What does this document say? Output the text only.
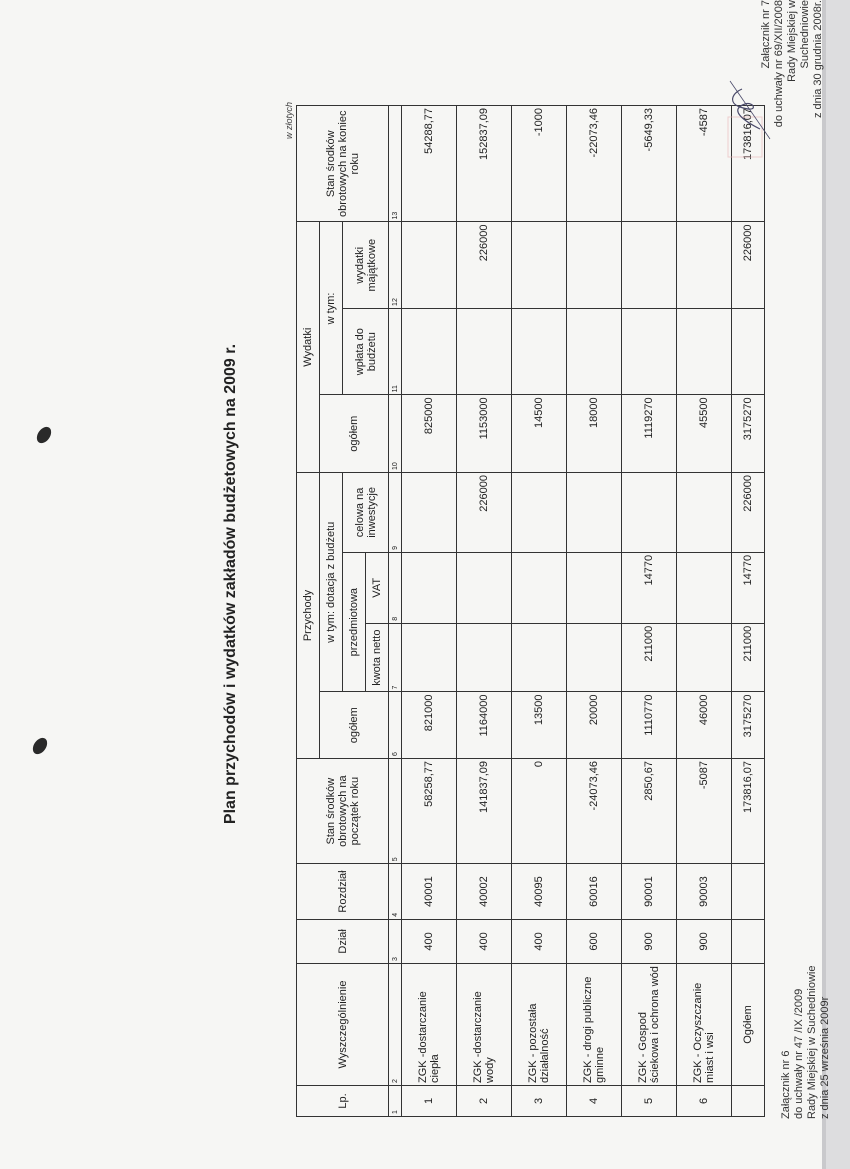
Załącznik nr 6 do uchwały nr 47 /IX /2009 Rady Miejskiej w Suchedniowie z dnia 25 września 2009r
Załącznik nr 7 do uchwały nr 69/XII/2008 Rady Miejskiej w Suchedniowie z dnia 30 grudnia 2008r.
Plan przychodów i wydatków zakładów budżetowych na 2009 r.
w złotych
Lp.	Wyszczególnienie	Dział	Rozdział	Stan środków obrotowych na początek roku	Przychody				Wydatki			Stan środków obrotowych na koniec roku
					ogółem	w tym: dotacja z budżetu			ogółem	w tym:		
						przedmiotowa		celowa na inwestycje		wpłata do budżetu	wydatki majątkowe	
						kwota netto	VAT					
1	2	3	4	5	6	7	8	9	10	11	12	13
1	ZGK -dostarczanie ciepła	400	40001	58258,77	821000				825000			54288,77
2	ZGK -dostarczanie wody	400	40002	141837,09	1164000			226000	1153000		226000	152837,09
3	ZGK - pozostała działalność	400	40095	0	13500				14500			-1000
4	ZGK - drogi publiczne gminne	600	60016	-24073,46	20000				18000			-22073,46
5	ZGK - Gospod ściekowa i ochrona wód	900	90001	2850,67	1110770	211000	14770		1119270			-5649,33
6	ZGK - Oczyszczanie miast i wsi	900	90003	-5087	46000				45500			-4587
	Ogółem			173816,07	3175270	211000	14770	226000	3175270		226000	173816,07
